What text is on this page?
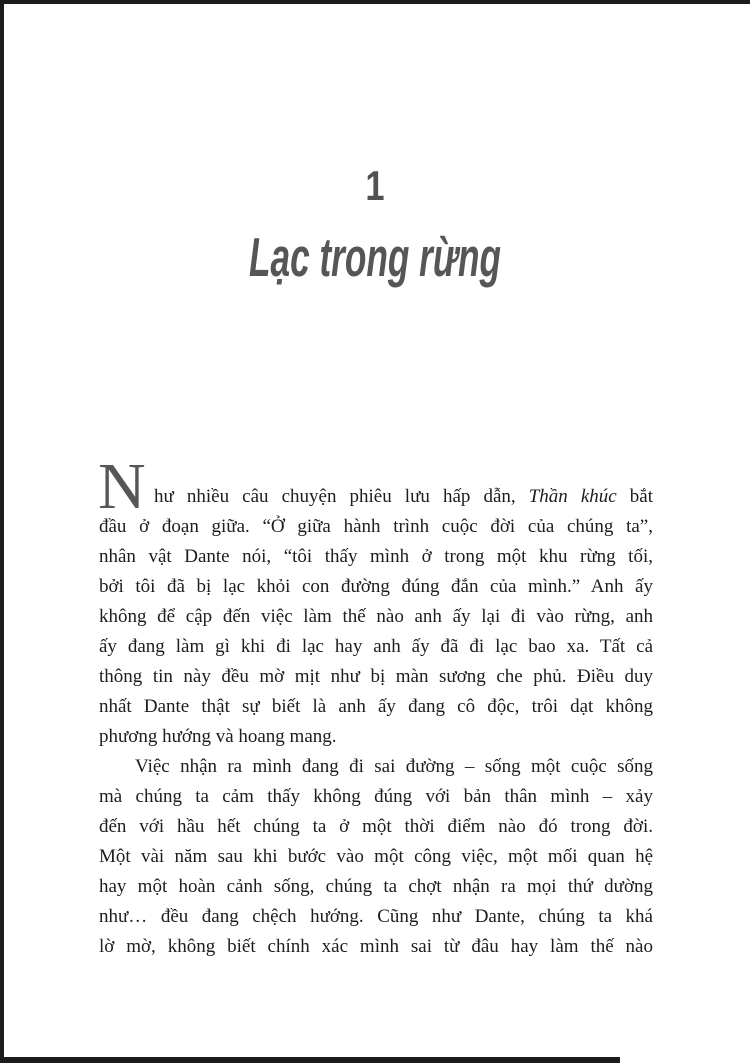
1
Lạc trong rừng
N hư nhiều câu chuyện phiêu lưu hấp dẫn, Thần khúc bắt
đầu ở đoạn giữa. “Ở giữa hành trình cuộc đời của chúng ta”,
nhân vật Dante nói, “tôi thấy mình ở trong một khu rừng tối,
bởi tôi đã bị lạc khỏi con đường đúng đắn của mình.” Anh ấy
không để cập đến việc làm thế nào anh ấy lại đi vào rừng, anh
ấy đang làm gì khi đi lạc hay anh ấy đã đi lạc bao xa. Tất cả
thông tin này đều mờ mịt như bị màn sương che phủ. Điều duy
nhất Dante thật sự biết là anh ấy đang cô độc, trôi dạt không
phương hướng và hoang mang.
Việc nhận ra mình đang đi sai đường – sống một cuộc sống
mà chúng ta cảm thấy không đúng với bản thân mình – xảy
đến với hầu hết chúng ta ở một thời điểm nào đó trong đời.
Một vài năm sau khi bước vào một công việc, một mối quan hệ
hay một hoàn cảnh sống, chúng ta chợt nhận ra mọi thứ dường
như… đều đang chệch hướng. Cũng như Dante, chúng ta khá
lờ mờ, không biết chính xác mình sai từ đâu hay làm thế nào
